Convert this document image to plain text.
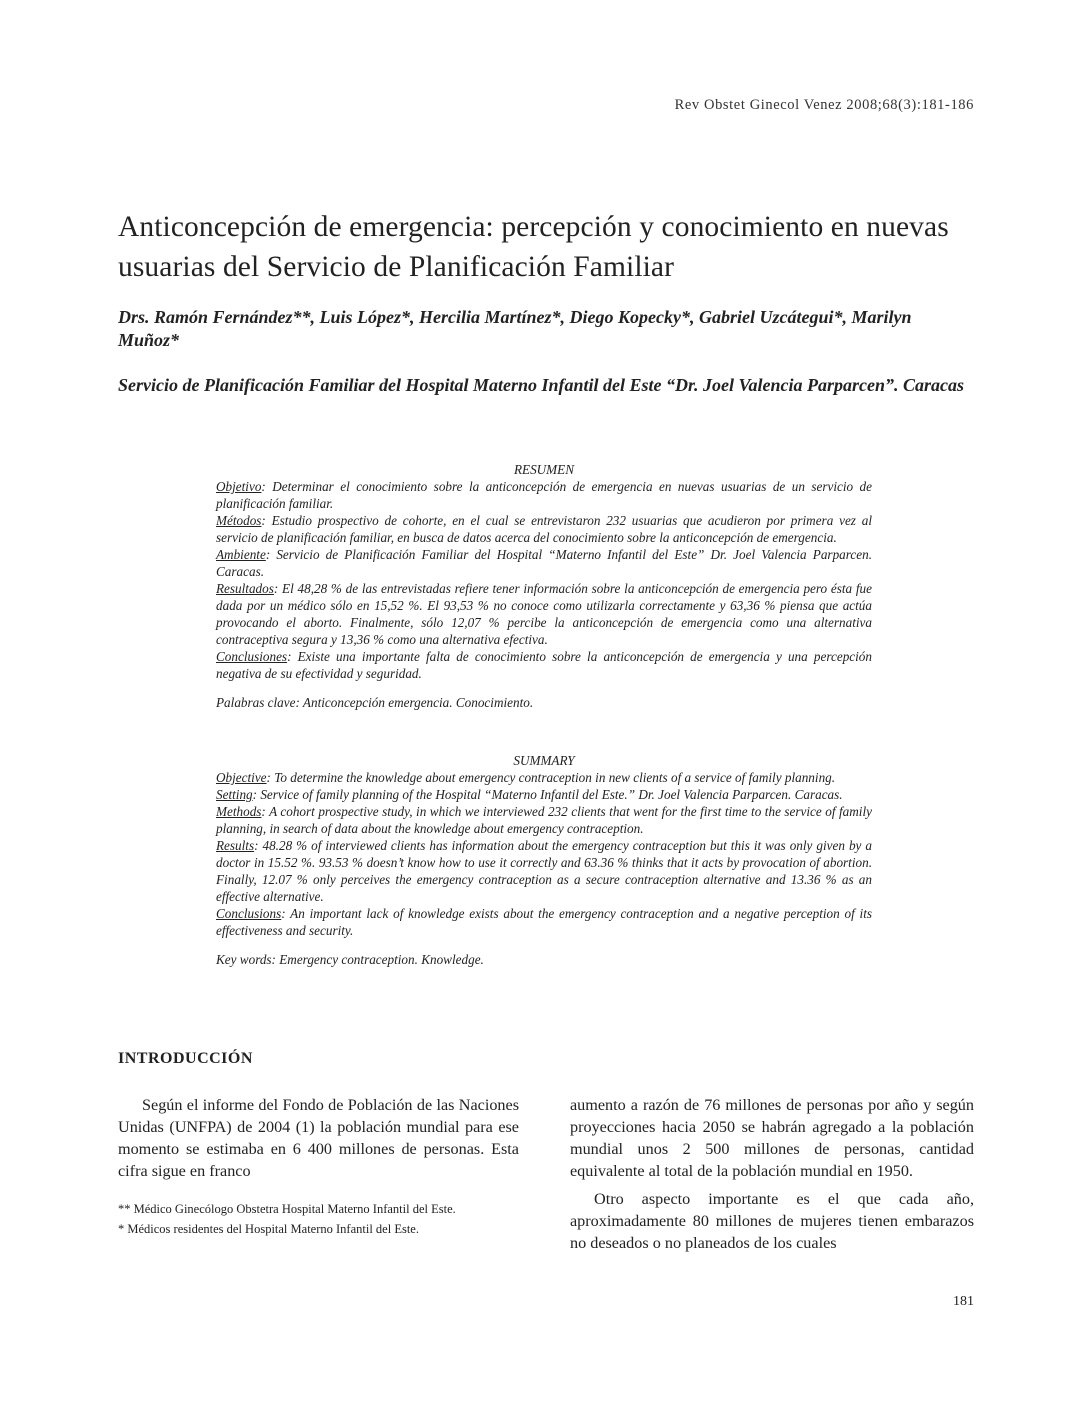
Rev Obstet Ginecol Venez 2008;68(3):181-186
Anticoncepción de emergencia: percepción y conocimiento en nuevas usuarias del Servicio de Planificación Familiar
Drs. Ramón Fernández**, Luis López*, Hercilia Martínez*, Diego Kopecky*, Gabriel Uzcátegui*, Marilyn Muñoz*
Servicio de Planificación Familiar del Hospital Materno Infantil del Este “Dr. Joel Valencia Parparcen”. Caracas

RESUMEN

Objetivo: Determinar el conocimiento sobre la anticoncepción de emergencia en nuevas usuarias de un servicio de planificación familiar.

Métodos: Estudio prospectivo de cohorte, en el cual se entrevistaron 232 usuarias que acudieron por primera vez al servicio de planificación familiar, en busca de datos acerca del conocimiento sobre la anticoncepción de emergencia.

Ambiente: Servicio de Planificación Familiar del Hospital “Materno Infantil del Este” Dr. Joel Valencia Parparcen. Caracas.

Resultados: El 48,28 % de las entrevistadas refiere tener información sobre la anticoncepción de emergencia pero ésta fue dada por un médico sólo en 15,52 %. El 93,53 % no conoce como utilizarla correctamente y 63,36 % piensa que actúa provocando el aborto. Finalmente, sólo 12,07 % percibe la anticoncepción de emergencia como una alternativa contraceptiva segura y 13,36 % como una alternativa efectiva.

Conclusiones: Existe una importante falta de conocimiento sobre la anticoncepción de emergencia y una percepción negativa de su efectividad y seguridad.

Palabras clave: Anticoncepción emergencia. Conocimiento.

SUMMARY

Objective: To determine the knowledge about emergency contraception in new clients of a service of family planning.

Setting: Service of family planning of the Hospital “Materno Infantil del Este.” Dr. Joel Valencia Parparcen. Caracas.

Methods: A cohort prospective study, in which we interviewed 232 clients that went for the first time to the service of family planning, in search of data about the knowledge about emergency contraception.

Results: 48.28 % of interviewed clients has information about the emergency contraception but this it was only given by a doctor in 15.52 %. 93.53 % doesn’t know how to use it correctly and 63.36 % thinks that it acts by provocation of abortion. Finally, 12.07 % only perceives the emergency contraception as a secure contraception alternative and 13.36 % as an effective alternative.

Conclusions: An important lack of knowledge exists about the emergency contraception and a negative perception of its effectiveness and security.

Key words: Emergency contraception. Knowledge.

INTRODUCCIÓN

Según el informe del Fondo de Población de las Naciones Unidas (UNFPA) de 2004 (1) la población mundial para ese momento se estimaba en 6 400 millones de personas. Esta cifra sigue en franco

aumento a razón de 76 millones de personas por año y según proyecciones hacia 2050 se habrán agregado a la población mundial unos 2 500 millones de personas, cantidad equivalente al total de la población mundial en 1950.

Otro aspecto importante es el que cada año, aproximadamente 80 millones de mujeres tienen embarazos no deseados o no planeados de los cuales

** Médico Ginecólogo Obstetra Hospital Materno Infantil del Este.

* Médicos residentes del Hospital Materno Infantil del Este.

181
